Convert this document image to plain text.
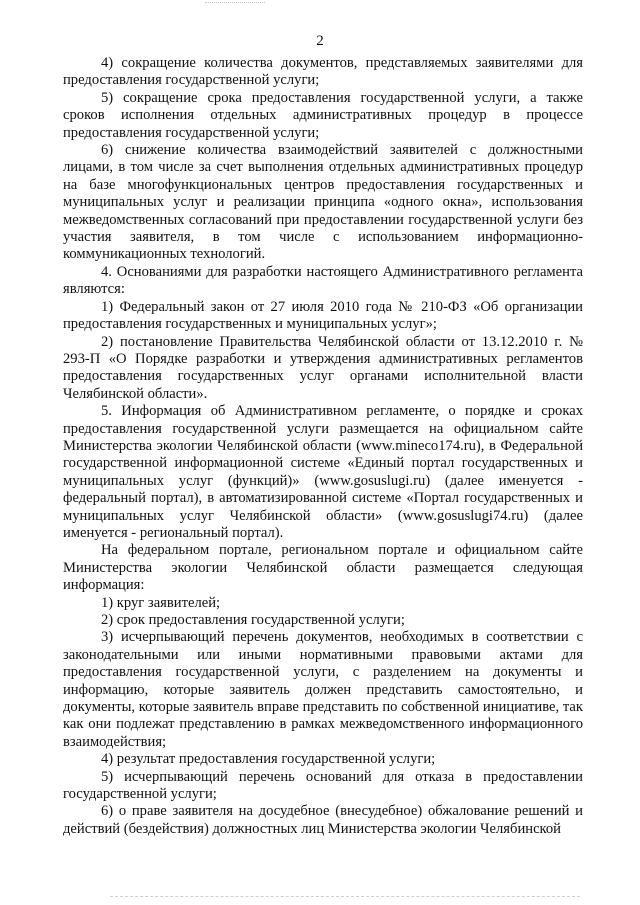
2

4) сокращение количества документов, представляемых заявителями для предоставления государственной услуги;

5) сокращение срока предоставления государственной услуги, а также сроков исполнения отдельных административных процедур в процессе предоставления государственной услуги;

6) снижение количества взаимодействий заявителей с должностными лицами, в том числе за счет выполнения отдельных административных процедур на базе многофункциональных центров предоставления государственных и муниципальных услуг и реализации принципа «одного окна», использования межведомственных согласований при предоставлении государственной услуги без участия заявителя, в том числе с использованием информационно-коммуникационных технологий.

4. Основаниями для разработки настоящего Административного регламента являются:

1) Федеральный закон от 27 июля 2010 года № 210-ФЗ «Об организации предоставления государственных и муниципальных услуг»;

2) постановление Правительства Челябинской области от 13.12.2010 г. № 293-П «О Порядке разработки и утверждения административных регламентов предоставления государственных услуг органами исполнительной власти Челябинской области».

5. Информация об Административном регламенте, о порядке и сроках предоставления государственной услуги размещается на официальном сайте Министерства экологии Челябинской области (www.mineco174.ru), в Федеральной государственной информационной системе «Единый портал государственных и муниципальных услуг (функций)» (www.gosuslugi.ru) (далее именуется - федеральный портал), в автоматизированной системе «Портал государственных и муниципальных услуг Челябинской области» (www.gosuslugi74.ru) (далее именуется - региональный портал).

На федеральном портале, региональном портале и официальном сайте Министерства экологии Челябинской области размещается следующая информация:

1) круг заявителей;

2) срок предоставления государственной услуги;

3) исчерпывающий перечень документов, необходимых в соответствии с законодательными или иными нормативными правовыми актами для предоставления государственной услуги, с разделением на документы и информацию, которые заявитель должен представить самостоятельно, и документы, которые заявитель вправе представить по собственной инициативе, так как они подлежат представлению в рамках межведомственного информационного взаимодействия;

4) результат предоставления государственной услуги;

5) исчерпывающий перечень оснований для отказа в предоставлении государственной услуги;

6) о праве заявителя на досудебное (внесудебное) обжалование решений и действий (бездействия) должностных лиц Министерства экологии Челябинской
